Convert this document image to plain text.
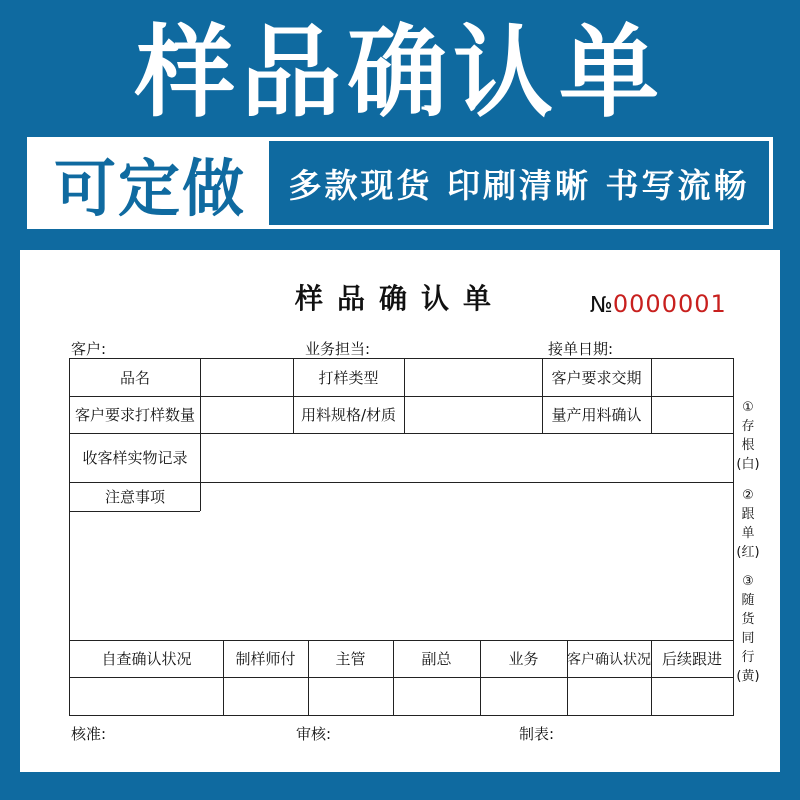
样品确认单
可定做	多款现货 印刷清晰 书写流畅
样品确认单	№0000001
客户:	业务担当:	接单日期:
品名	打样类型	客户要求交期
客户要求打样数量	用料规格/材质	量产用料确认
收客样实物记录
注意事项
自查确认状况	制样师付	主管	副总	业务	客户确认状况 后续跟进
核准:	审核:	制表:
①
存
根
(白)
②
跟
单
(红)
③
随
货
同
行
(黄)
